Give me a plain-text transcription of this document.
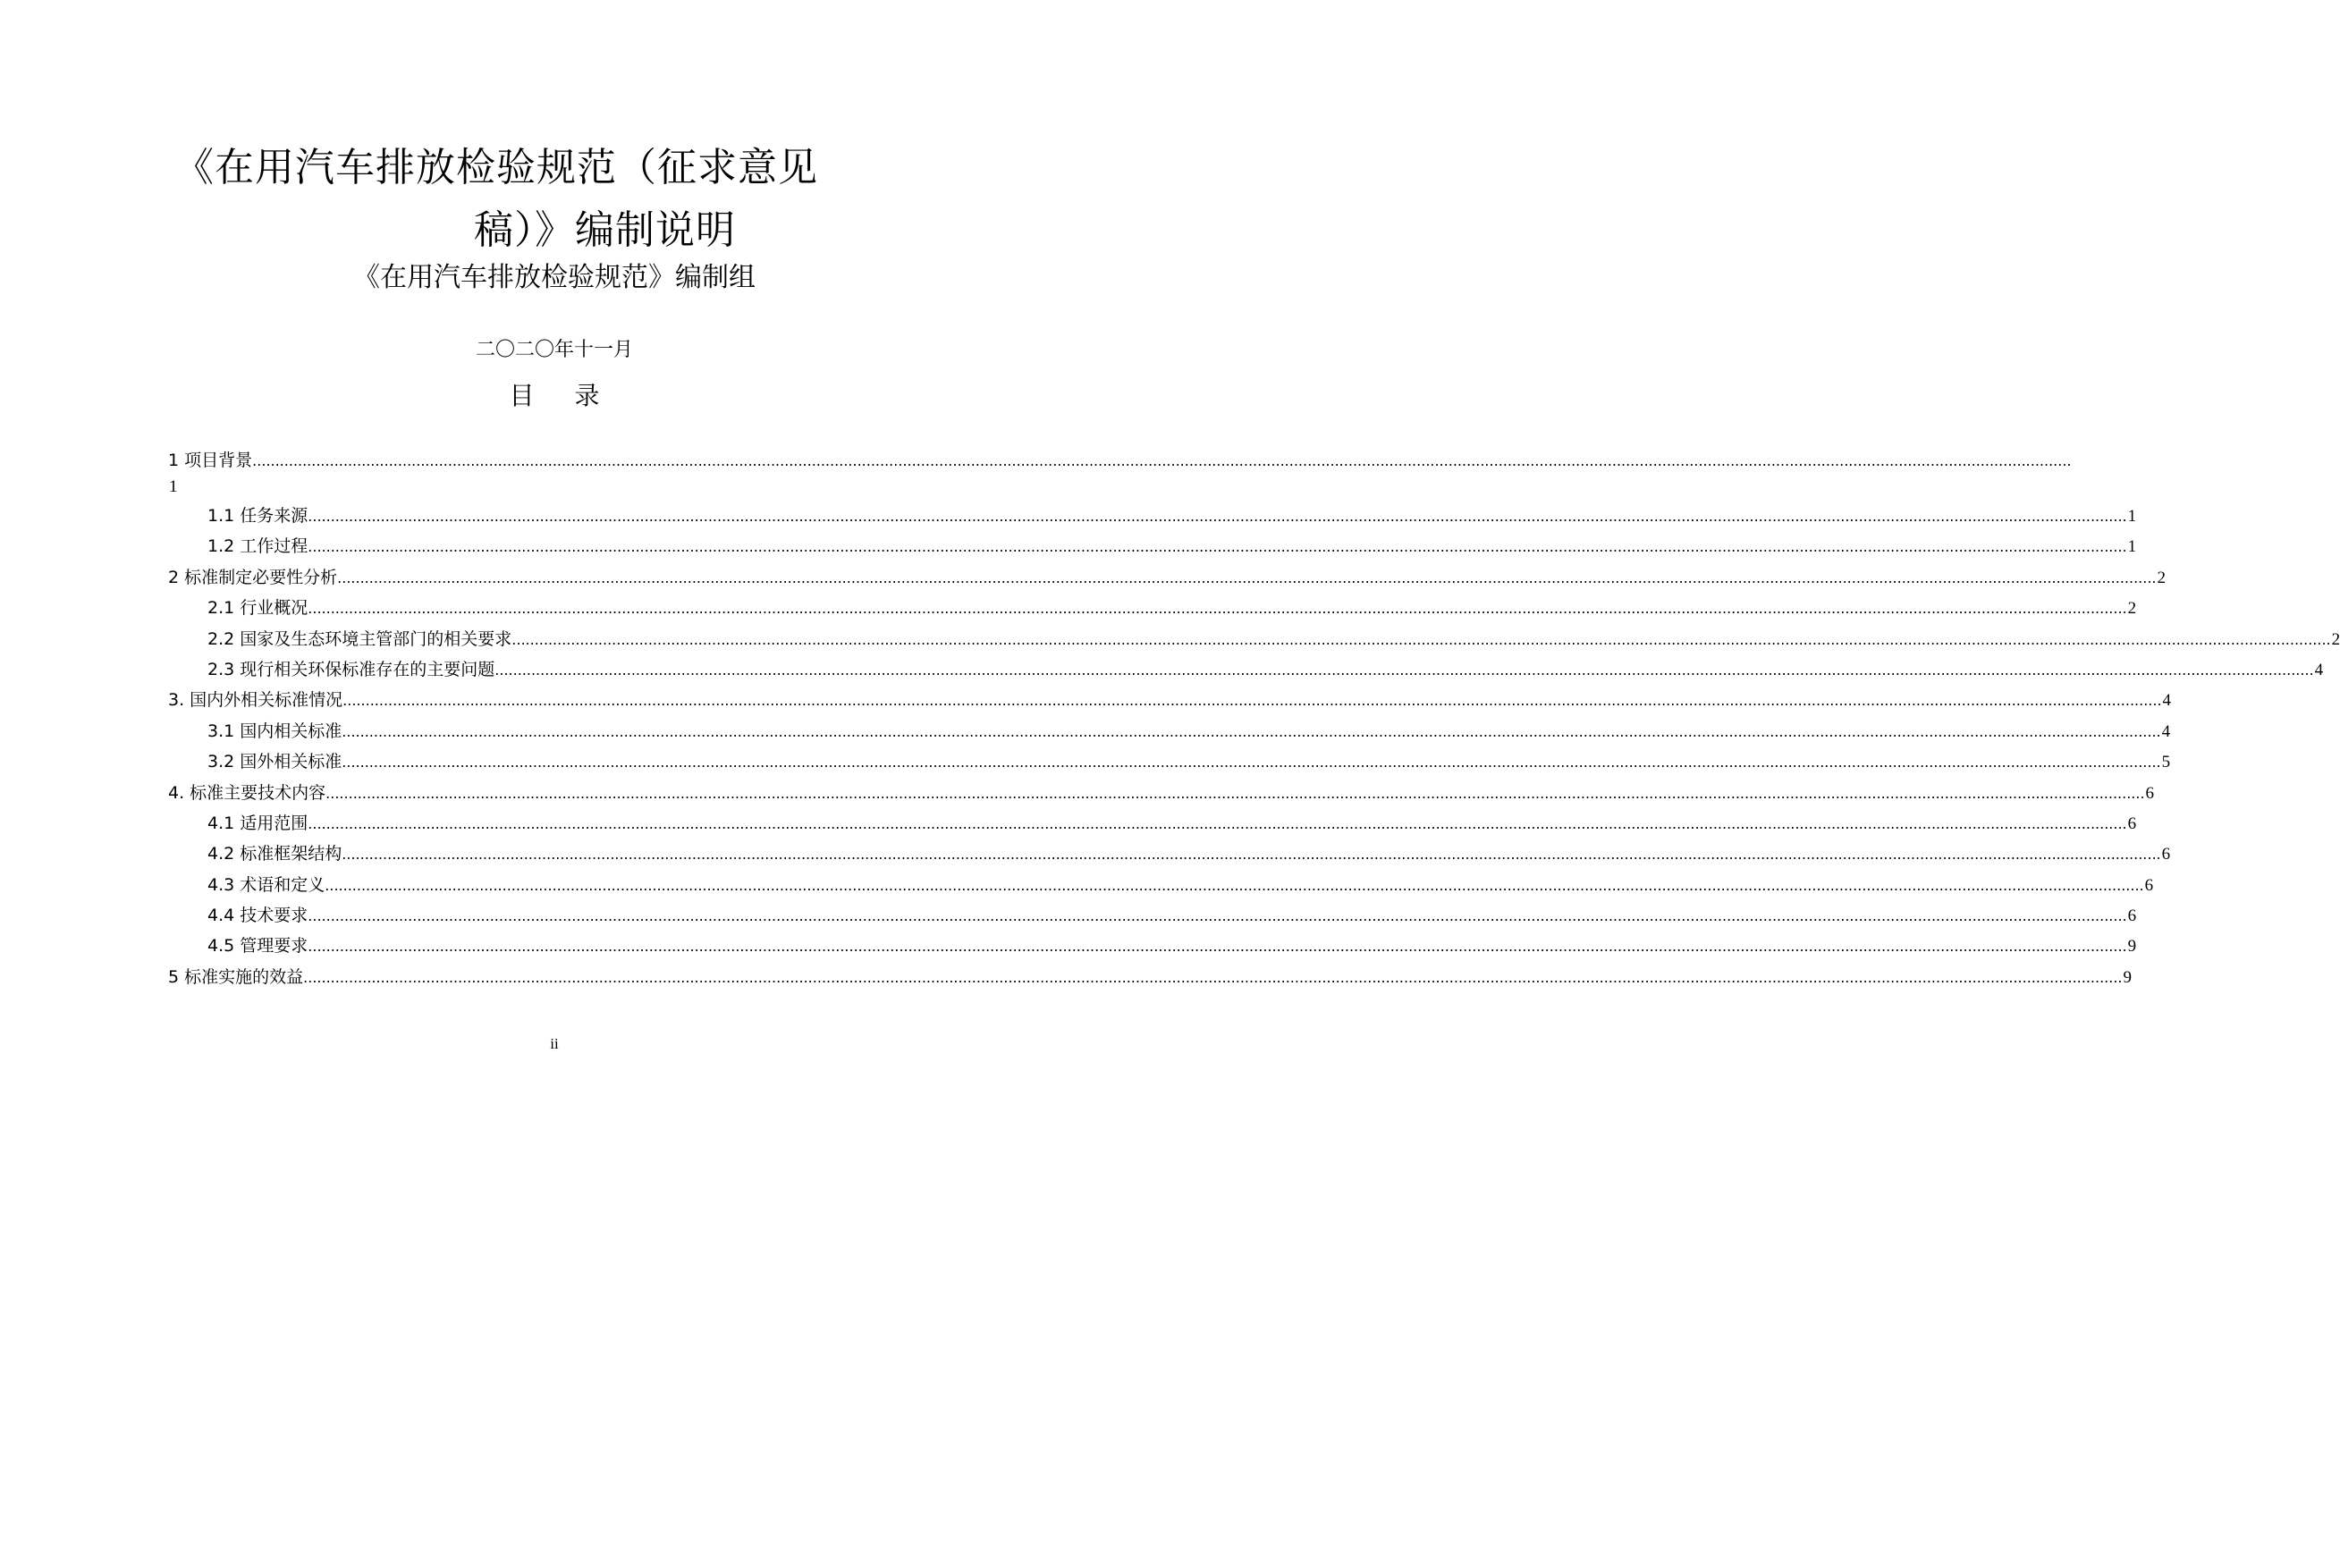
《在用汽车排放检验规范（征求意见
稿）》编制说明
《在用汽车排放检验规范》编制组
二〇二〇年十一月
目 录
1 项目背景 ................................................................................................................................................................................................................................................................................................................................................................................................................
1
1.1 任务来源 ................................................................................................................................................................................................................................................................................................................................................................................................................ 1
1.2 工作过程 ................................................................................................................................................................................................................................................................................................................................................................................................................ 1
2 标准制定必要性分析 ................................................................................................................................................................................................................................................................................................................................................................................................................ 2
2.1 行业概况 ................................................................................................................................................................................................................................................................................................................................................................................................................ 2
2.2 国家及生态环境主管部门的相关要求 ................................................................................................................................................................................................................................................................................................................................................................................................................ 2
2.3 现行相关环保标准存在的主要问题 ................................................................................................................................................................................................................................................................................................................................................................................................................ 4
3. 国内外相关标准情况 ................................................................................................................................................................................................................................................................................................................................................................................................................ 4
3.1 国内相关标准 ................................................................................................................................................................................................................................................................................................................................................................................................................ 4
3.2 国外相关标准 ................................................................................................................................................................................................................................................................................................................................................................................................................ 5
4. 标准主要技术内容 ................................................................................................................................................................................................................................................................................................................................................................................................................ 6
4.1 适用范围 ................................................................................................................................................................................................................................................................................................................................................................................................................ 6
4.2 标准框架结构 ................................................................................................................................................................................................................................................................................................................................................................................................................ 6
4.3 术语和定义 ................................................................................................................................................................................................................................................................................................................................................................................................................ 6
4.4 技术要求 ................................................................................................................................................................................................................................................................................................................................................................................................................ 6
4.5 管理要求 ................................................................................................................................................................................................................................................................................................................................................................................................................ 9
5 标准实施的效益 ................................................................................................................................................................................................................................................................................................................................................................................................................ 9
ii
